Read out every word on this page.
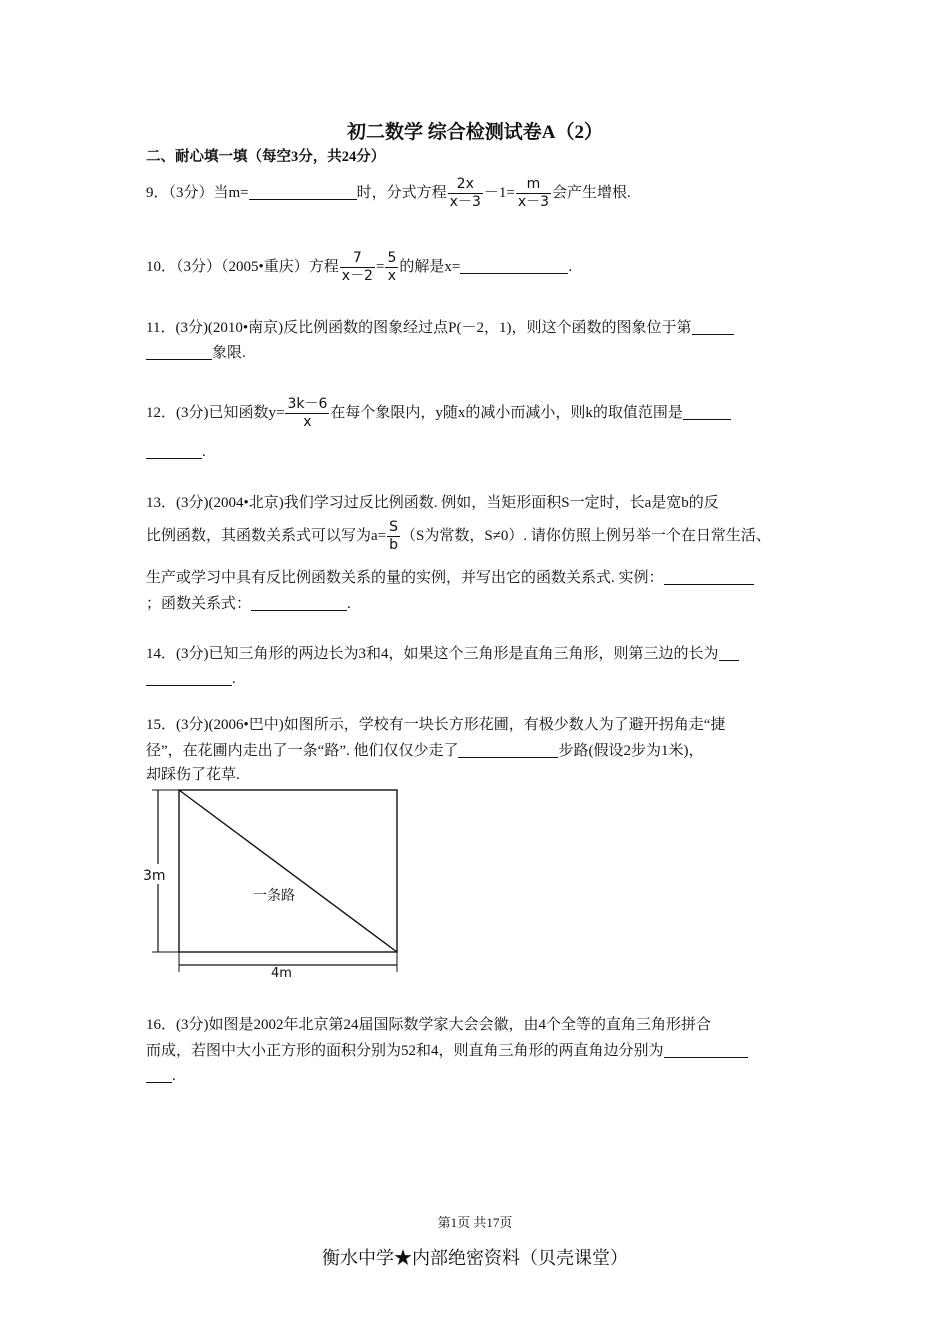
初二数学 综合检测试卷A（2）
二、耐心填一填（每空3分，共24分）
9．（3分）当m=	时，分式方程 $\frac{2x}{x-3} -1= \frac{m}{x-3}$ 会产生增根.
10．（3分）（2005•重庆）方程 $\frac{7}{x-2} = \frac{5}{x}$ 的解是x=	.
11．(3分)(2010•南京)反比例函数的图象经过点P(－2，1)，则这个函数的图象位于第
象限.
12．(3分)已知函数$y= \frac{3k-6}{x}$ 在每个象限内，y随x的减小而减小，则k的取值范围是
.
13．(3分)(2004•北京)我们学习过反比例函数. 例如，当矩形面积S一定时，长a是宽b的反
比例函数，其函数关系式可以写为$a= \frac{S}{b} (S$为常数，S≠0）. 请你仿照上例另举一个在日常生活、
生产或学习中具有反比例函数关系的量的实例，并写出它的函数关系式. 实例：
；函数关系式：	.
14．(3分)已知三角形的两边长为3和4，如果这个三角形是直角三角形，则第三边的长为
.
15．(3分)(2006•巴中)如图所示，学校有一块长方形花圃，有极少数人为了避开拐角走“捷
径”，在花圃内走出了一条“路”. 他们仅仅少走了	步路(假设2步为1米)，
却踩伤了花草.
3m
一条路
4m
16．(3分)如图是2002年北京第24届国际数学家大会会徽，由4个全等的直角三角形拼合
而成，若图中大小正方形的面积分别为52和4，则直角三角形的两直角边分别为
.
第1页 共17页
衡水中学★内部绝密资料（贝壳课堂）
